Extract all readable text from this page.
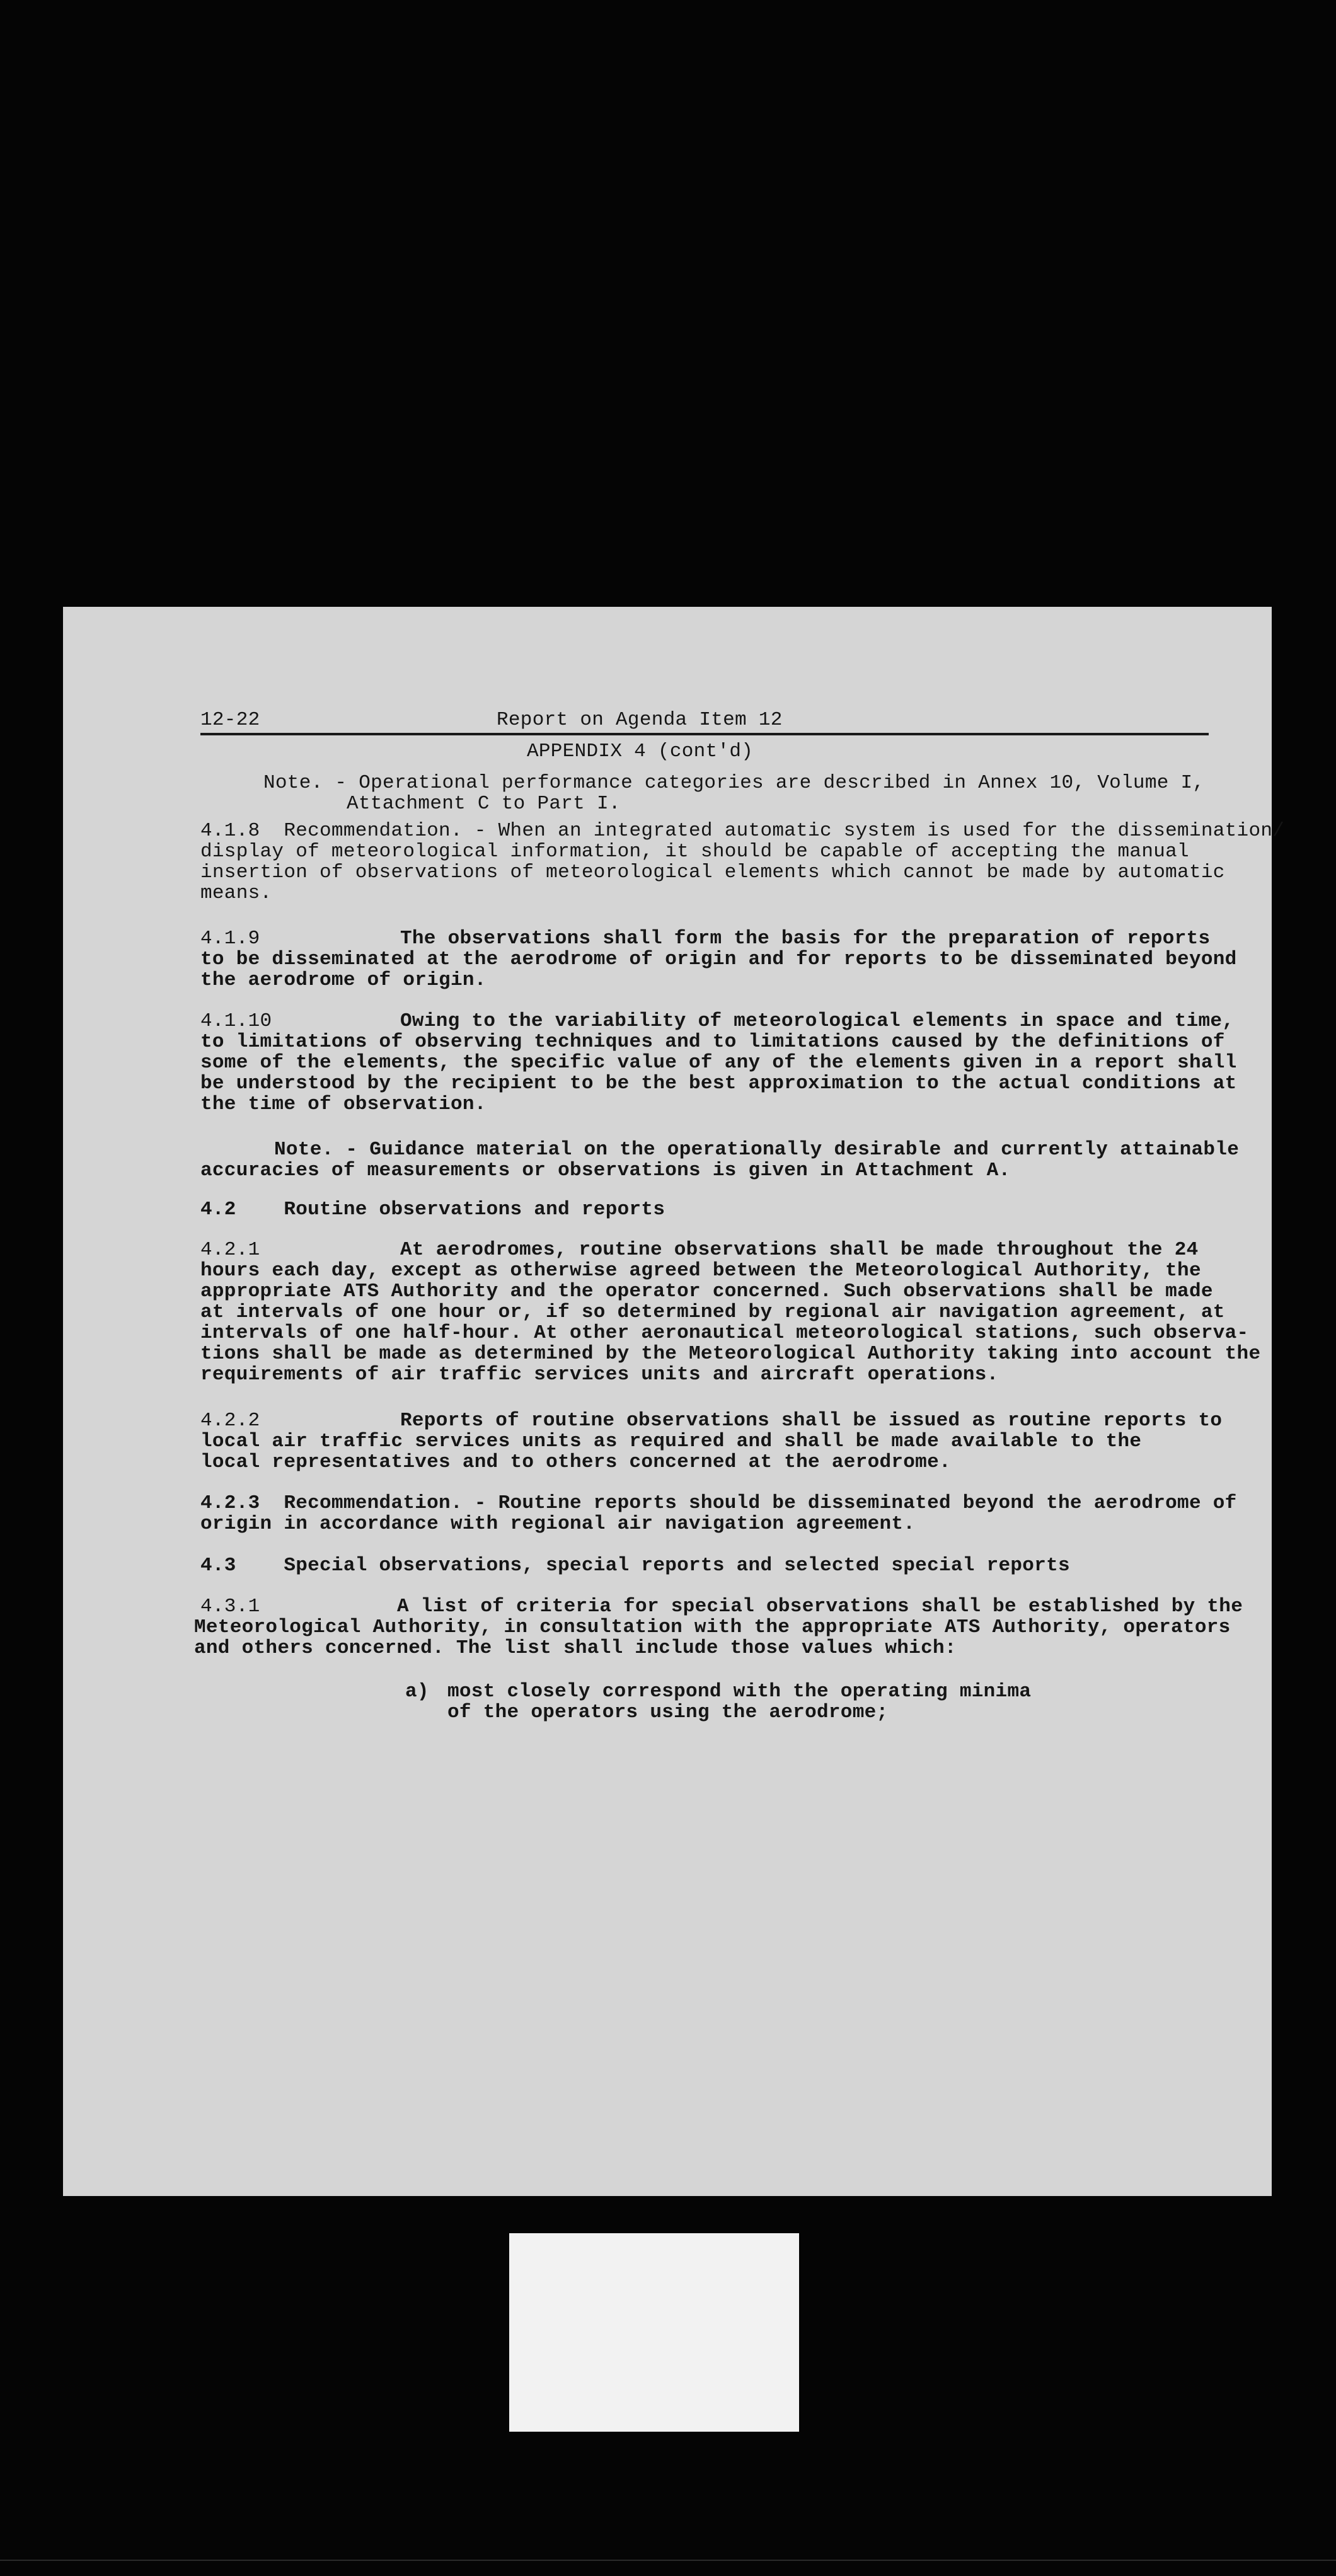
12-22	Report on Agenda Item 12
APPENDIX 4 (cont'd)
Note. - Operational performance categories are described in Annex 10, Volume I,
Attachment C to Part I.
4.1.8  Recommendation. - When an integrated automatic system is used for the dissemination/
display of meteorological information, it should be capable of accepting the manual
insertion of observations of meteorological elements which cannot be made by automatic
means.
4.1.9	The observations shall form the basis for the preparation of reports
to be disseminated at the aerodrome of origin and for reports to be disseminated beyond
the aerodrome of origin.
4.1.10	Owing to the variability of meteorological elements in space and time,
to limitations of observing techniques and to limitations caused by the definitions of
some of the elements, the specific value of any of the elements given in a report shall
be understood by the recipient to be the best approximation to the actual conditions at
the time of observation.
Note. - Guidance material on the operationally desirable and currently attainable
accuracies of measurements or observations is given in Attachment A.
4.2    Routine observations and reports
4.2.1	At aerodromes, routine observations shall be made throughout the 24
hours each day, except as otherwise agreed between the Meteorological Authority, the
appropriate ATS Authority and the operator concerned. Such observations shall be made
at intervals of one hour or, if so determined by regional air navigation agreement, at
intervals of one half-hour. At other aeronautical meteorological stations, such observa-
tions shall be made as determined by the Meteorological Authority taking into account the
requirements of air traffic services units and aircraft operations.
4.2.2	Reports of routine observations shall be issued as routine reports to
local air traffic services units as required and shall be made available to the
local representatives and to others concerned at the aerodrome.
4.2.3  Recommendation. - Routine reports should be disseminated beyond the aerodrome of
origin in accordance with regional air navigation agreement.
4.3    Special observations, special reports and selected special reports
4.3.1	A list of criteria for special observations shall be established by the
Meteorological Authority, in consultation with the appropriate ATS Authority, operators
and others concerned. The list shall include those values which:
a) most closely correspond with the operating minima
of the operators using the aerodrome;
